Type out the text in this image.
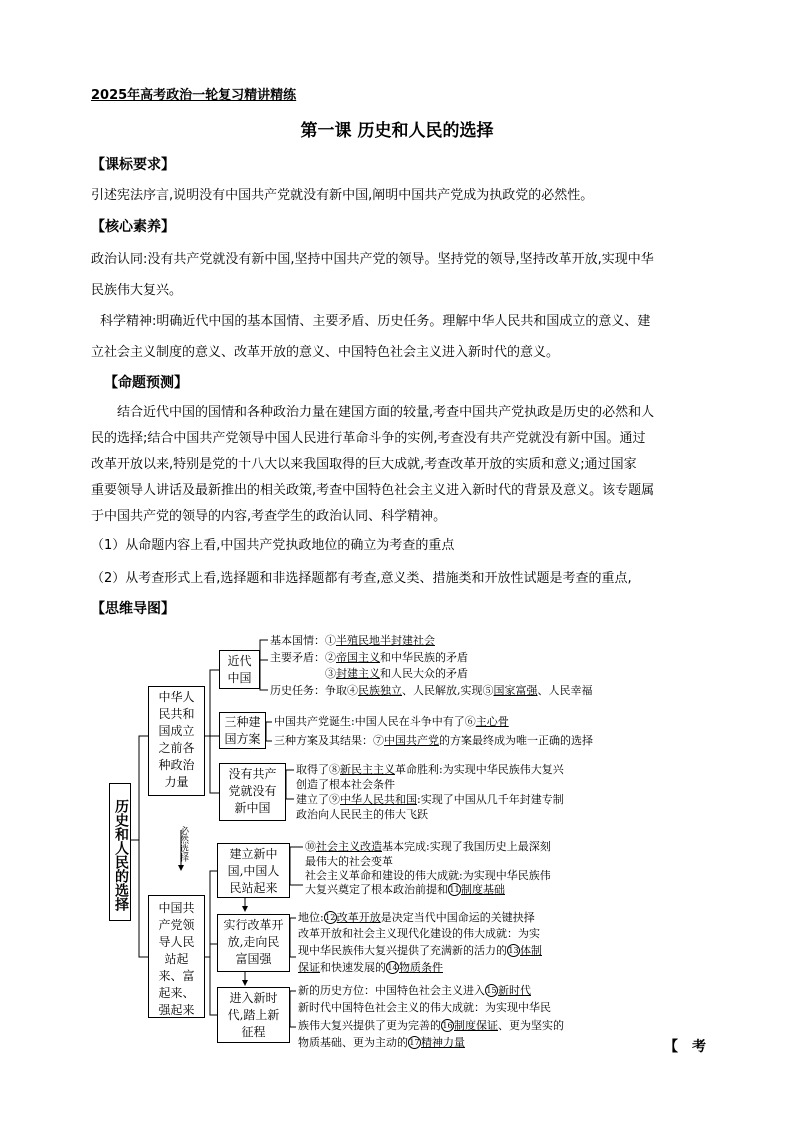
2025年高考政治一轮复习精讲精练
第一课 历史和人民的选择
【课标要求】
引述宪法序言,说明没有中国共产党就没有新中国,阐明中国共产党成为执政党的必然性。
【核心素养】
政治认同:没有共产党就没有新中国,坚持中国共产党的领导。坚持党的领导,坚持改革开放,实现中华
民族伟大复兴。
科学精神:明确近代中国的基本国情、主要矛盾、历史任务。理解中华人民共和国成立的意义、建
立社会主义制度的意义、改革开放的意义、中国特色社会主义进入新时代的意义。
【命题预测】
结合近代中国的国情和各种政治力量在建国方面的较量,考查中国共产党执政是历史的必然和人
民的选择;结合中国共产党领导中国人民进行革命斗争的实例,考查没有共产党就没有新中国。通过
改革开放以来,特别是党的十八大以来我国取得的巨大成就,考查改革开放的实质和意义;通过国家
重要领导人讲话及最新推出的相关政策,考查中国特色社会主义进入新时代的背景及意义。该专题属
于中国共产党的领导的内容,考查学生的政治认同、科学精神。
（1）从命题内容上看,中国共产党执政地位的确立为考查的重点
（2）从考查形式上看,选择题和非选择题都有考查,意义类、措施类和开放性试题是考查的重点,
【思维导图】
历史和人民的选择
中华人民共和国成立之前各种政治力量
中国共产党领导人民站起来、富起来、强起来
必然选择
近代中国
三种建国方案
没有共产党就没有新中国
建立新中国,中国人民站起来
实行改革开放,走向民富国强
进入新时代,踏上新征程
基本国情：①半殖民地半封建社会
主要矛盾：②帝国主义和中华民族的矛盾
③封建主义和人民大众的矛盾
历史任务：争取④民族独立、人民解放,实现⑤国家富强、人民幸福
中国共产党诞生:中国人民在斗争中有了⑥主心骨
三种方案及其结果：⑦中国共产党的方案最终成为唯一正确的选择
取得了⑧新民主主义革命胜利:为实现中华民族伟大复兴
创造了根本社会条件
建立了⑨中华人民共和国:实现了中国从几千年封建专制
政治向人民民主的伟大飞跃
⑩社会主义改造基本完成:实现了我国历史上最深刻
最伟大的社会变革
社会主义革命和建设的伟大成就:为实现中华民族伟
大复兴奠定了根本政治前提和11制度基础
地位:12改革开放是决定当代中国命运的关键抉择
改革开放和社会主义现代化建设的伟大成就：为实
现中华民族伟大复兴提供了充满新的活力的13体制
保证和快速发展的14物质条件
新的历史方位：中国特色社会主义进入15新时代
新时代中国特色社会主义的伟大成就：为实现中华民
族伟大复兴提供了更为完善的16制度保证、更为坚实的
物质基础、更为主动的17精神力量	【　考
